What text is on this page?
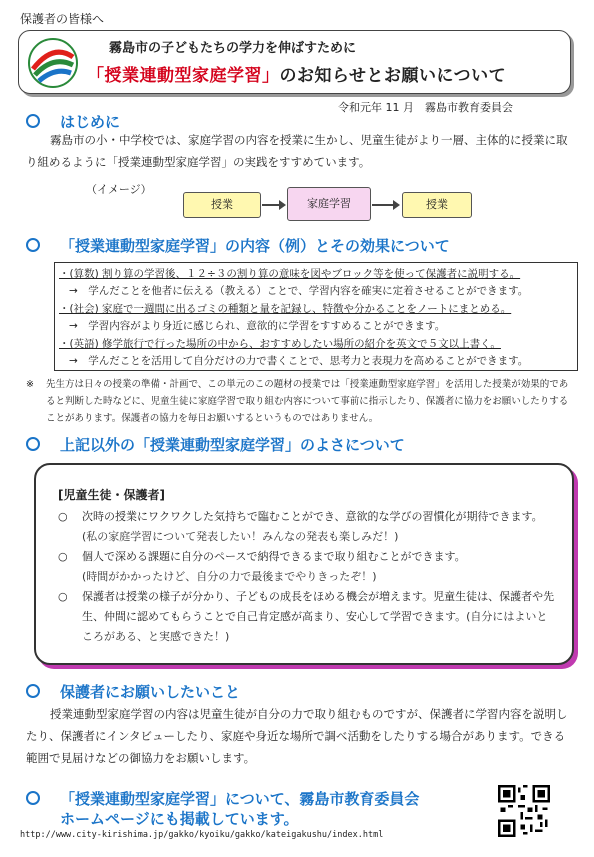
保護者の皆様へ
霧島市の子どもたちの学力を伸ばすために
「授業連動型家庭学習」のお知らせとお願いについて
令和元年 11 月　霧島市教育委員会
はじめに
霧島市の小・中学校では、家庭学習の内容を授業に生かし、児童生徒がより一層、主体的に授業に取り組めるように「授業連動型家庭学習」の実践をすすめています。
（イメージ）
授業	家庭学習	授業
「授業連動型家庭学習」の内容（例）とその効果について
・(算数) 割り算の学習後、１２÷３の割り算の意味を図やブロック等を使って保護者に説明する。
→　学んだことを他者に伝える（教える）ことで、学習内容を確実に定着させることができます。
・(社会) 家庭で一週間に出るゴミの種類と量を記録し、特徴や分かることをノートにまとめる。
→　学習内容がより身近に感じられ、意欲的に学習をすすめることができます。
・(英語) 修学旅行で行った場所の中から、おすすめしたい場所の紹介を英文で５文以上書く。
→　学んだことを活用して自分だけの力で書くことで、思考力と表現力を高めることができます。
※ 先生方は日々の授業の準備・計画で、この単元のこの題材の授業では「授業連動型家庭学習」を活用した授業が効果的であると判断した時などに、児童生徒に家庭学習で取り組む内容について事前に指示したり、保護者に協力をお願いしたりすることがあります。保護者の協力を毎日お願いするというものではありません。
上記以外の「授業連動型家庭学習」のよさについて
[児童生徒・保護者]
○ 次時の授業にワクワクした気持ちで臨むことができ、意欲的な学びの習慣化が期待できます。(私の家庭学習について発表したい！みんなの発表も楽しみだ！)
○ 個人で深める課題に自分のペースで納得できるまで取り組むことができます。
(時間がかかったけど、自分の力で最後までやりきったぞ！)
○ 保護者は授業の様子が分かり、子どもの成長をほめる機会が増えます。児童生徒は、保護者や先生、仲間に認めてもらうことで自己肯定感が高まり、安心して学習できます。(自分にはよいところがある、と実感できた！)
保護者にお願いしたいこと
授業連動型家庭学習の内容は児童生徒が自分の力で取り組むものですが、保護者に学習内容を説明したり、保護者にインタビューしたり、家庭や身近な場所で調べ活動をしたりする場合があります。できる範囲で見届けなどの御協力をお願いします。
「授業連動型家庭学習」について、霧島市教育委員会
ホームページにも掲載しています。
http://www.city-kirishima.jp/gakko/kyoiku/gakko/kateigakushu/index.html
